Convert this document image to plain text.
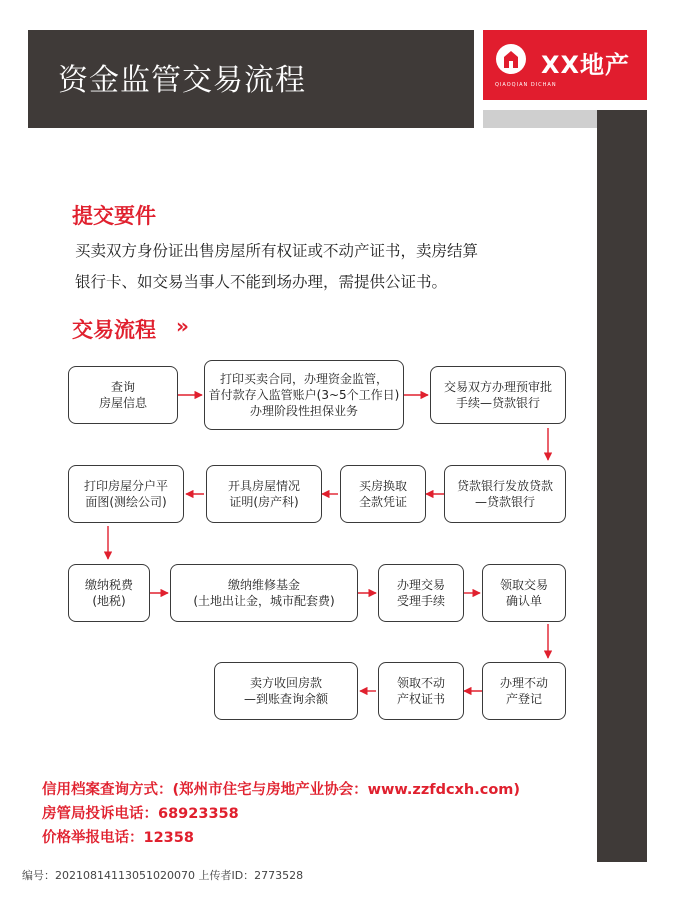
资金监管交易流程	XX地产
QIAOQIAN DICHAN
提交要件
买卖双方身份证出售房屋所有权证或不动产证书，卖房结算
银行卡、如交易当事人不能到场办理，需提供公证书。
交易流程 »
查询
房屋信息
打印买卖合同，办理资金监管，
首付款存入监管账户(3~5个工作日)
办理阶段性担保业务
交易双方办理预审批
手续—贷款银行
贷款银行发放贷款
—贷款银行
买房换取
全款凭证
开具房屋情况
证明(房产科)
打印房屋分户平
面图(测绘公司)
缴纳税费
(地税)
缴纳维修基金
(土地出让金，城市配套费)
办理交易
受理手续
领取交易
确认单
办理不动
产登记
领取不动
产权证书
卖方收回房款
—到账查询余额
信用档案查询方式：(郑州市住宅与房地产业协会：www.zzfdcxh.com)
房管局投诉电话：68923358
价格举报电话：12358
编号：20210814113051020070 上传者ID：2773528
